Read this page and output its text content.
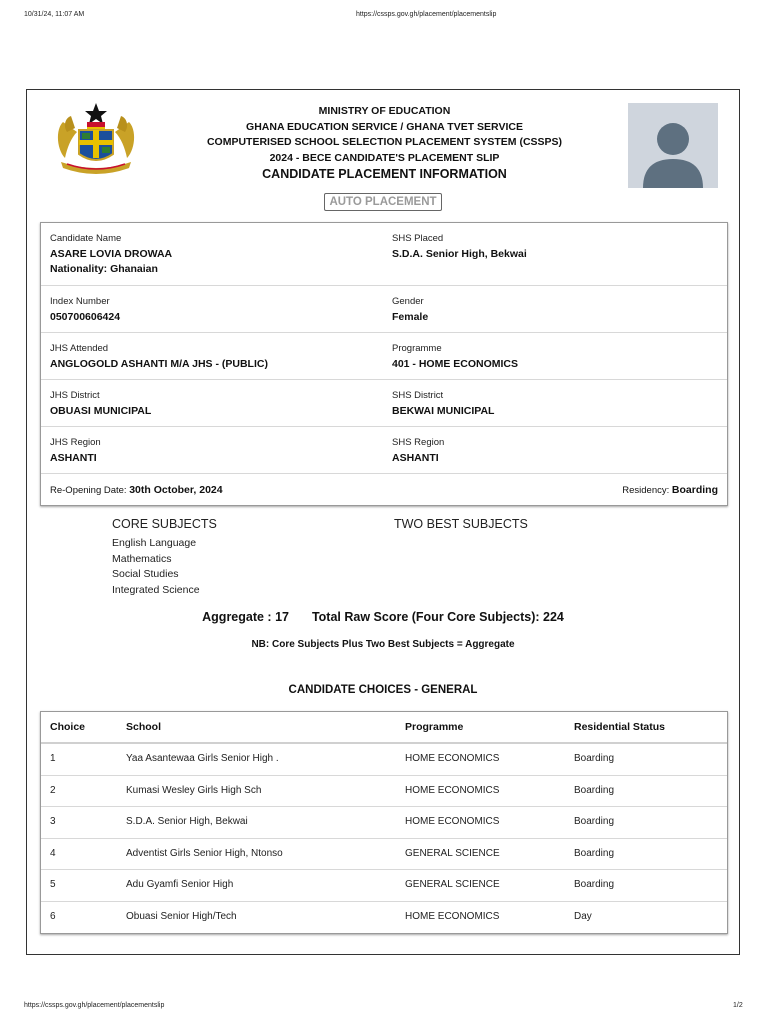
10/31/24, 11:07 AM	https://cssps.gov.gh/placement/placementslip
MINISTRY OF EDUCATION
GHANA EDUCATION SERVICE / GHANA TVET SERVICE
COMPUTERISED SCHOOL SELECTION PLACEMENT SYSTEM (CSSPS)
2024 - BECE CANDIDATE'S PLACEMENT SLIP
CANDIDATE PLACEMENT INFORMATION
AUTO PLACEMENT
Candidate Name
ASARE LOVIA DROWAA
Nationality: Ghanaian
SHS Placed
S.D.A. Senior High, Bekwai
Index Number
050700606424
Gender
Female
JHS Attended
ANGLOGOLD ASHANTI M/A JHS - (PUBLIC)
Programme
401 - HOME ECONOMICS
JHS District
OBUASI MUNICIPAL
SHS District
BEKWAI MUNICIPAL
JHS Region
ASHANTI
SHS Region
ASHANTI
Re-Opening Date: 30th October, 2024	Residency: Boarding
CORE SUBJECTS	TWO BEST SUBJECTS
English Language
Mathematics
Social Studies
Integrated Science
Aggregate : 17 Total Raw Score (Four Core Subjects): 224
NB: Core Subjects Plus Two Best Subjects = Aggregate
CANDIDATE CHOICES - GENERAL
Choice	School	Programme	Residential Status
1	Yaa Asantewaa Girls Senior High .	HOME ECONOMICS	Boarding
2	Kumasi Wesley Girls High Sch	HOME ECONOMICS	Boarding
3	S.D.A. Senior High, Bekwai	HOME ECONOMICS	Boarding
4	Adventist Girls Senior High, Ntonso	GENERAL SCIENCE	Boarding
5	Adu Gyamfi Senior High	GENERAL SCIENCE	Boarding
6	Obuasi Senior High/Tech	HOME ECONOMICS	Day
https://cssps.gov.gh/placement/placementslip	1/2
